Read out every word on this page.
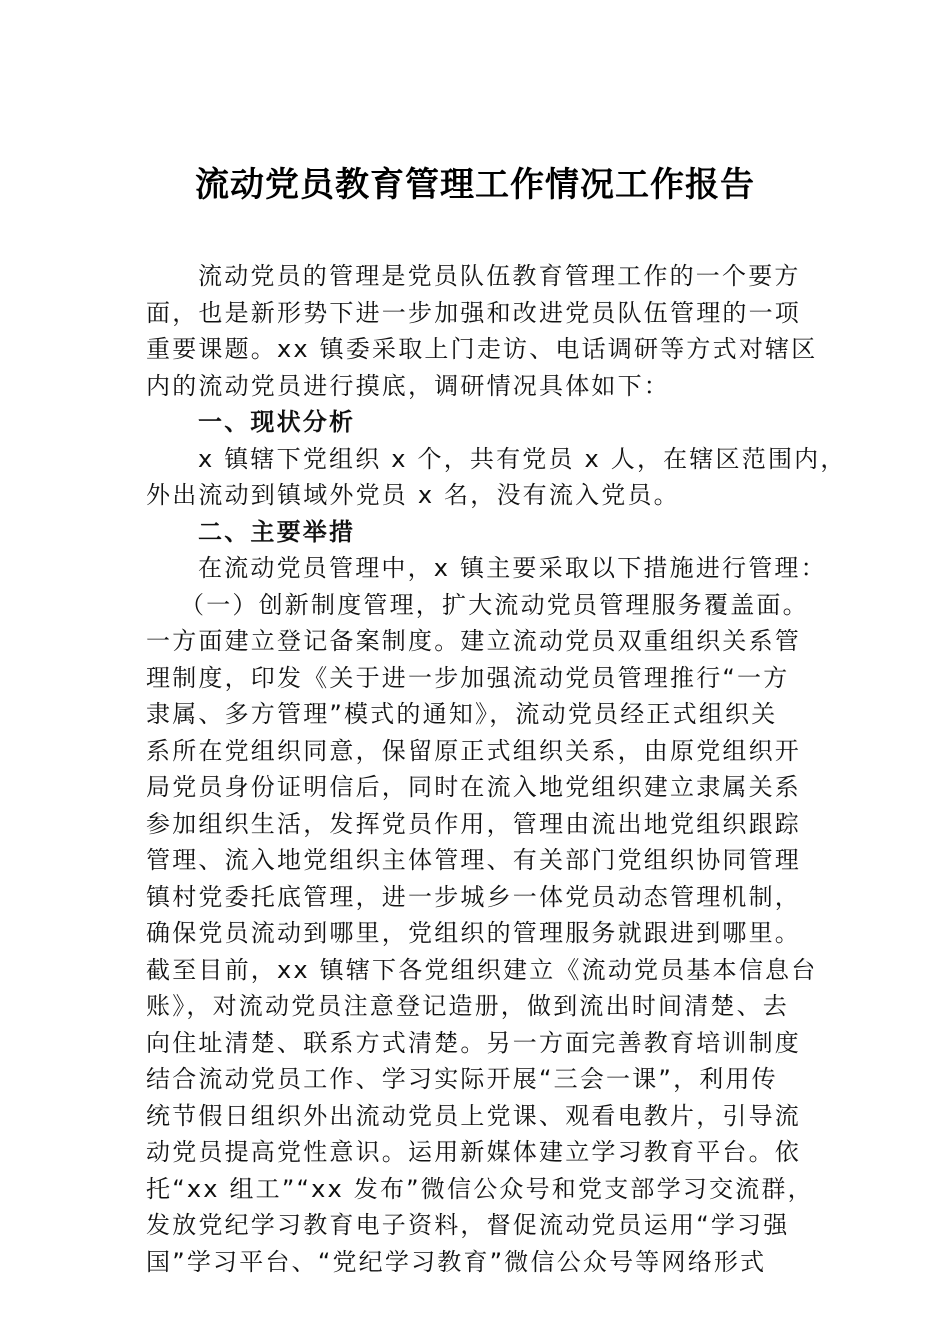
流动党员教育管理工作情况工作报告
流动党员的管理是党员队伍教育管理工作的一个要方
面，也是新形势下进一步加强和改进党员队伍管理的一项
重要课题。xx 镇委采取上门走访、电话调研等方式对辖区
内的流动党员进行摸底，调研情况具体如下：
一、现状分析
x 镇辖下党组织 x 个，共有党员 x 人，在辖区范围内，
外出流动到镇域外党员 x 名，没有流入党员。
二、主要举措
在流动党员管理中，x 镇主要采取以下措施进行管理：
（一）创新制度管理，扩大流动党员管理服务覆盖面。
一方面建立登记备案制度。建立流动党员双重组织关系管
理制度，印发《关于进一步加强流动党员管理推行“一方
隶属、多方管理”模式的通知》，流动党员经正式组织关
系所在党组织同意，保留原正式组织关系，由原党组织开
局党员身份证明信后，同时在流入地党组织建立隶属关系
参加组织生活，发挥党员作用，管理由流出地党组织跟踪
管理、流入地党组织主体管理、有关部门党组织协同管理
镇村党委托底管理，进一步城乡一体党员动态管理机制，
确保党员流动到哪里，党组织的管理服务就跟进到哪里。
截至目前，xx 镇辖下各党组织建立《流动党员基本信息台
账》，对流动党员注意登记造册，做到流出时间清楚、去
向住址清楚、联系方式清楚。另一方面完善教育培训制度
结合流动党员工作、学习实际开展“三会一课”，利用传
统节假日组织外出流动党员上党课、观看电教片，引导流
动党员提高党性意识。运用新媒体建立学习教育平台。依
托“xx 组工”“xx 发布”微信公众号和党支部学习交流群，
发放党纪学习教育电子资料，督促流动党员运用“学习强
国”学习平台、“党纪学习教育”微信公众号等网络形式
